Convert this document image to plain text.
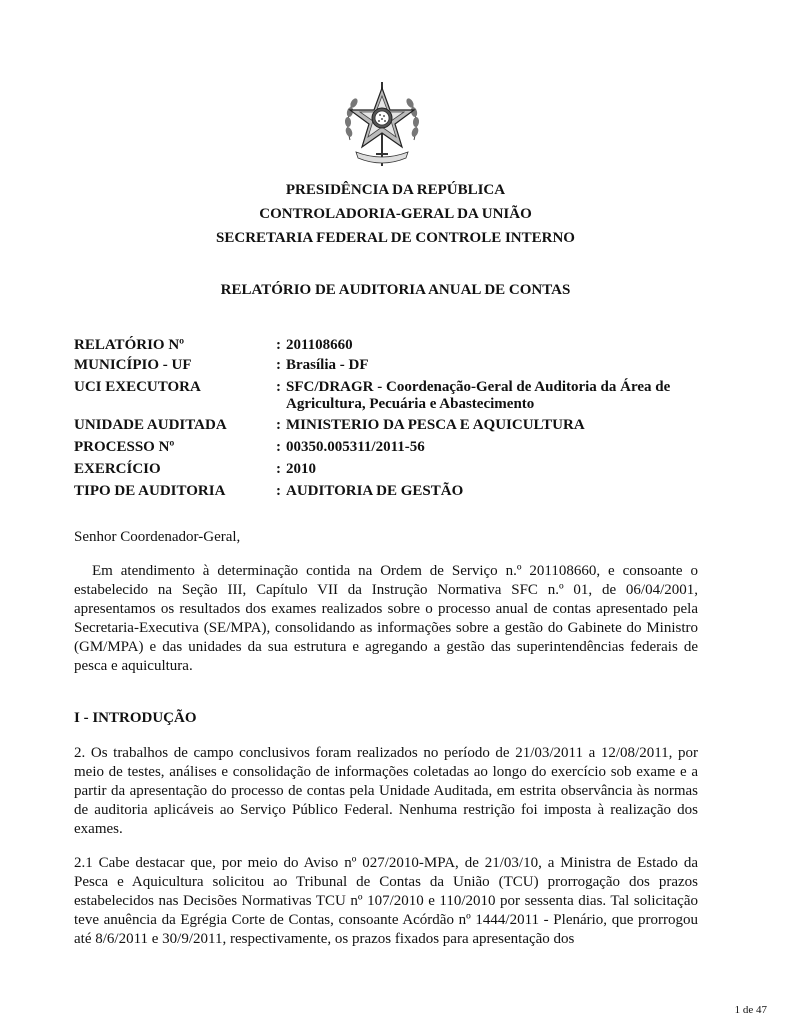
PRESIDÊNCIA DA REPÚBLICA
CONTROLADORIA-GERAL DA UNIÃO
SECRETARIA FEDERAL DE CONTROLE INTERNO
RELATÓRIO DE AUDITORIA ANUAL DE CONTAS
RELATÓRIO Nº	: 201108660
MUNICÍPIO - UF	: Brasília - DF
UCI EXECUTORA	: SFC/DRAGR - Coordenação-Geral de Auditoria da Área de
Agricultura, Pecuária e Abastecimento
UNIDADE AUDITADA	: MINISTERIO DA PESCA E AQUICULTURA
PROCESSO Nº	: 00350.005311/2011-56
EXERCÍCIO	: 2010
TIPO DE AUDITORIA	: AUDITORIA DE GESTÃO
Senhor Coordenador-Geral,

Em atendimento à determinação contida na Ordem de Serviço n.º 201108660, e consoante o estabelecido na Seção III, Capítulo VII da Instrução Normativa SFC n.º 01, de 06/04/2001, apresentamos os resultados dos exames realizados sobre o processo anual de contas apresentado pela Secretaria-Executiva (SE/MPA), consolidando as informações sobre a gestão do Gabinete do Ministro (GM/MPA) e das unidades da sua estrutura e agregando a gestão das superintendências federais de pesca e aquicultura.

I - INTRODUÇÃO

2. Os trabalhos de campo conclusivos foram realizados no período de 21/03/2011 a 12/08/2011, por meio de testes, análises e consolidação de informações coletadas ao longo do exercício sob exame e a partir da apresentação do processo de contas pela Unidade Auditada, em estrita observância às normas de auditoria aplicáveis ao Serviço Público Federal. Nenhuma restrição foi imposta à realização dos exames.

2.1 Cabe destacar que, por meio do Aviso nº 027/2010-MPA, de 21/03/10, a Ministra de Estado da Pesca e Aquicultura solicitou ao Tribunal de Contas da União (TCU) prorrogação dos prazos estabelecidos nas Decisões Normativas TCU nº 107/2010 e 110/2010 por sessenta dias. Tal solicitação teve anuência da Egrégia Corte de Contas, consoante Acórdão nº 1444/2011 - Plenário, que prorrogou até 8/6/2011 e 30/9/2011, respectivamente, os prazos fixados para apresentação dos

1 de 47
